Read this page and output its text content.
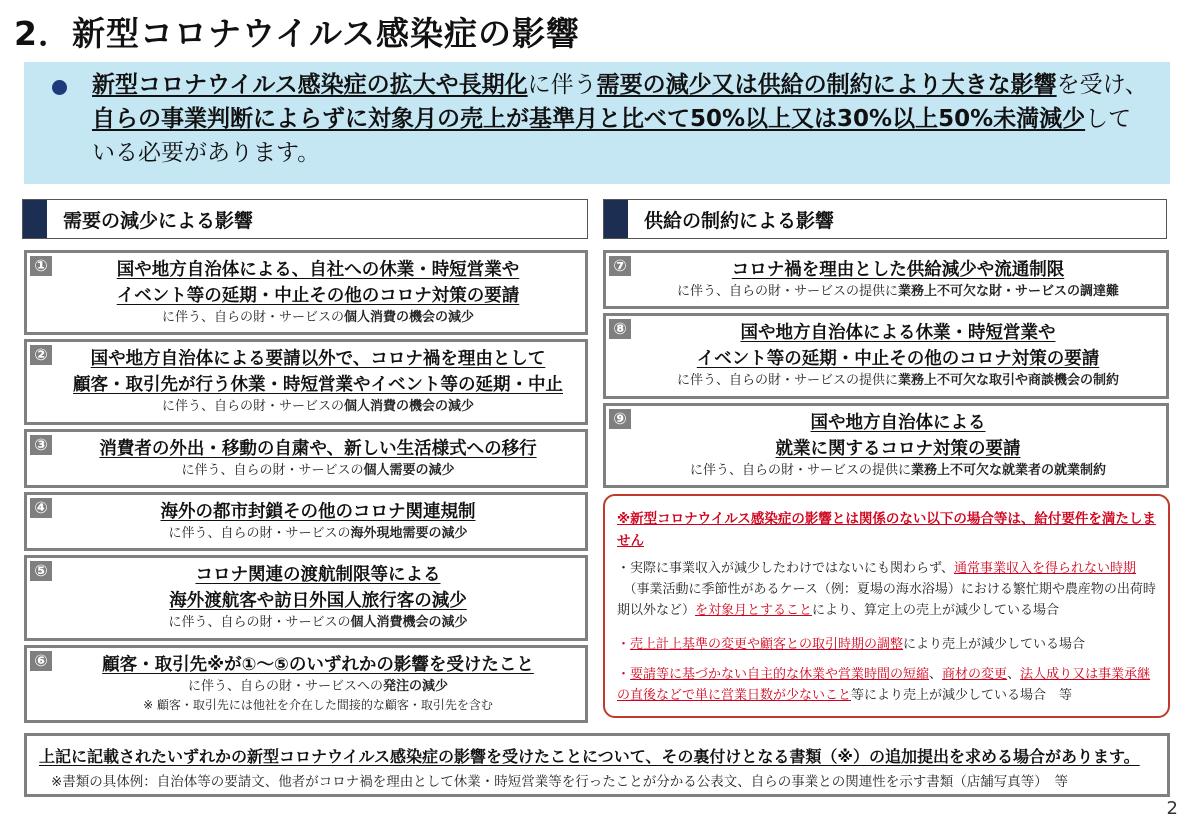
2．新型コロナウイルス感染症の影響
新型コロナウイルス感染症の拡大や長期化に伴う需要の減少又は供給の制約により大きな影響を受け、自らの事業判断によらずに対象月の売上が基準月と比べて50%以上又は30%以上50%未満減少している必要があります。
需要の減少による影響
①	国や地方自治体による、自社への休業・時短営業や
イベント等の延期・中止その他のコロナ対策の要請
に伴う、自らの財・サービスの個人消費の機会の減少
②	国や地方自治体による要請以外で、コロナ禍を理由として
顧客・取引先が行う休業・時短営業やイベント等の延期・中止
に伴う、自らの財・サービスの個人消費の機会の減少
③	消費者の外出・移動の自粛や、新しい生活様式への移行
に伴う、自らの財・サービスの個人需要の減少
④	海外の都市封鎖その他のコロナ関連規制
に伴う、自らの財・サービスの海外現地需要の減少
⑤	コロナ関連の渡航制限等による
海外渡航客や訪日外国人旅行客の減少
に伴う、自らの財・サービスの個人消費機会の減少
⑥	顧客・取引先※が①～⑤のいずれかの影響を受けたこと
に伴う、自らの財・サービスへの発注の減少
※ 顧客・取引先には他社を介在した間接的な顧客・取引先を含む
供給の制約による影響
⑦	コロナ禍を理由とした供給減少や流通制限
に伴う、自らの財・サービスの提供に業務上不可欠な財・サービスの調達難
⑧	国や地方自治体による休業・時短営業や
イベント等の延期・中止その他のコロナ対策の要請
に伴う、自らの財・サービスの提供に業務上不可欠な取引や商談機会の制約
⑨	国や地方自治体による
就業に関するコロナ対策の要請
に伴う、自らの財・サービスの提供に業務上不可欠な就業者の就業制約
※新型コロナウイルス感染症の影響とは関係のない以下の場合等は、給付要件を満たしません
・実際に事業収入が減少したわけではないにも関わらず、通常事業収入を得られない時期
　（事業活動に季節性があるケース（例：夏場の海水浴場）における繁忙期や農産物の出荷時期以外など）を対象月とすることにより、算定上の売上が減少している場合
・売上計上基準の変更や顧客との取引時期の調整により売上が減少している場合
・要請等に基づかない自主的な休業や営業時間の短縮、商材の変更、法人成り又は事業承継の直後などで単に営業日数が少ないこと等により売上が減少している場合　 等
上記に記載されたいずれかの新型コロナウイルス感染症の影響を受けたことについて、その裏付けとなる書類（※）の追加提出を求める場合があります。
※書類の具体例：自治体等の要請文、他者がコロナ禍を理由として休業・時短営業等を行ったことが分かる公表文、自らの事業との関連性を示す書類（店舗写真等）　等
2
